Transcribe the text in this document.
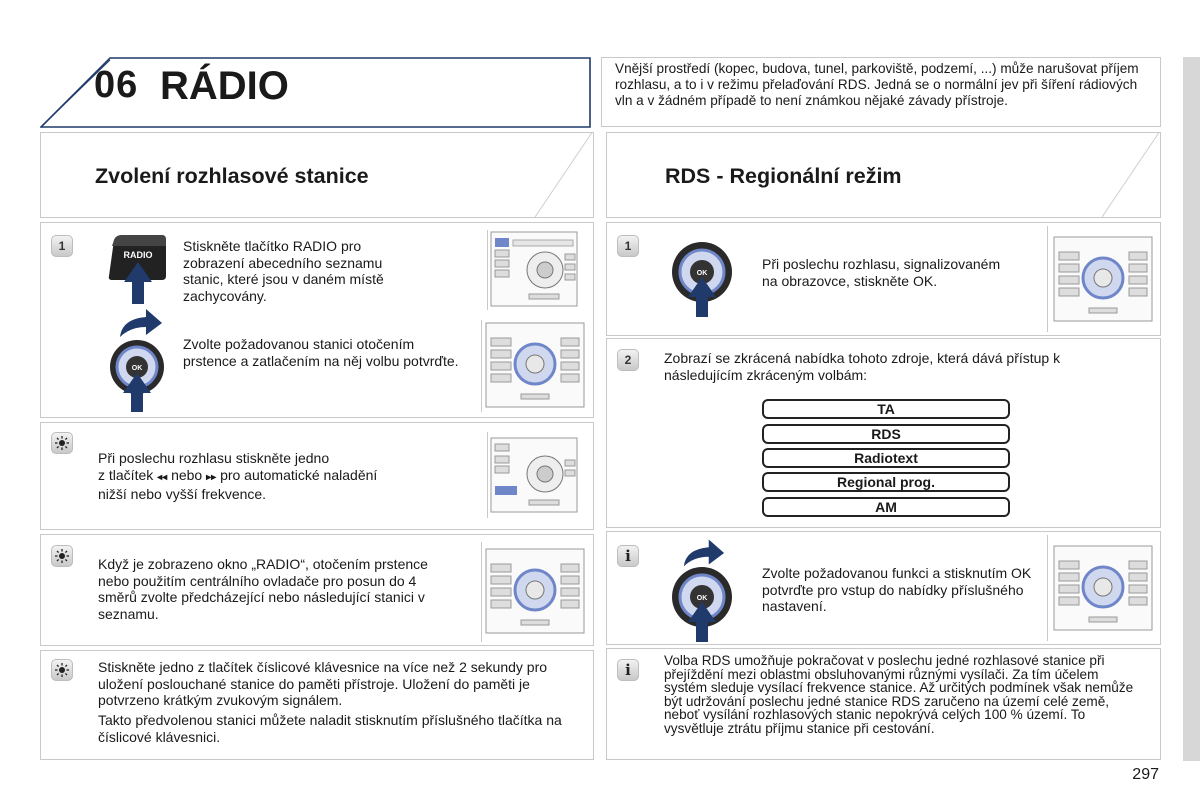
06 RÁDIO	Vnější prostředí (kopec, budova, tunel, parkoviště, podzemí, ...) může narušovat příjem rozhlasu, a to i v režimu přelaďování RDS. Jedná se o normální jev při šíření rádiových vln a v žádném případě to není známkou nějaké závady přístroje.
Zvolení rozhlasové stanice	RDS - Regionální režim
1
RADIO
Stiskněte tlačítko RADIO pro zobrazení abecedního seznamu stanic, které jsou v daném místě zachycovány.
OK
Zvolte požadovanou stanici otočením prstence a zatlačením na něj volbu potvrďte.
Při poslechu rozhlasu stiskněte jedno
z tlačítek ◂◂ nebo ▸▸ pro automatické naladění
nižší nebo vyšší frekvence.
Když je zobrazeno okno „RADIO“, otočením prstence nebo použitím centrálního ovladače pro posun do 4 směrů zvolte předcházející nebo následující stanici v seznamu.
Stiskněte jedno z tlačítek číslicové klávesnice na více než 2 sekundy pro uložení poslouchané stanice do paměti přístroje. Uložení do paměti je potvrzeno krátkým zvukovým signálem.
Takto předvolenou stanici můžete naladit stisknutím příslušného tlačítka na číslicové klávesnici.
1
OK
Při poslechu rozhlasu, signalizovaném na obrazovce, stiskněte OK.
2	Zobrazí se zkrácená nabídka tohoto zdroje, která dává přístup k následujícím zkráceným volbám:
TA
RDS
Radiotext
Regional prog.
AM
i
OK
Zvolte požadovanou funkci a stisknutím OK potvrďte pro vstup do nabídky příslušného nastavení.
i
Volba RDS umožňuje pokračovat v poslechu jedné rozhlasové stanice při přejíždění mezi oblastmi obsluhovanými různými vysílači. Za tím účelem systém sleduje vysílací frekvence stanice. Až určitých podmínek však nemůže být udržování poslechu jedné stanice RDS zaručeno na území celé země, neboť vysílání rozhlasových stanic nepokrývá celých 100 % území. To vysvětluje ztrátu příjmu stanice při cestování.
297
